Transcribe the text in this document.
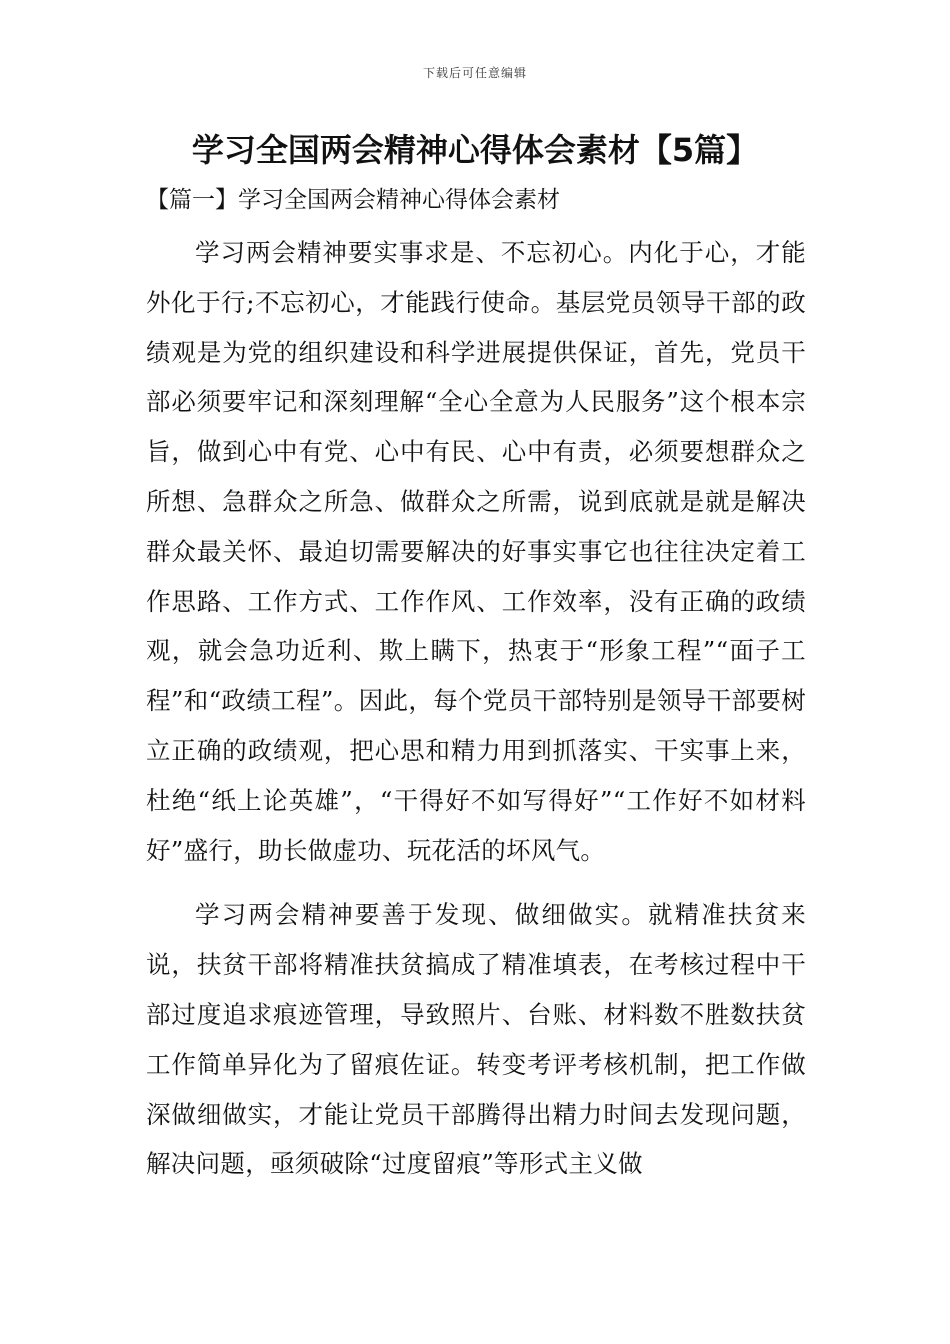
下载后可任意编辑
学习全国两会精神心得体会素材【5篇】
【篇一】学习全国两会精神心得体会素材

学习两会精神要实事求是、不忘初心。内化于心，才能外化于行;不忘初心，才能践行使命。基层党员领导干部的政绩观是为党的组织建设和科学进展提供保证，首先，党员干部必须要牢记和深刻理解“全心全意为人民服务”这个根本宗旨，做到心中有党、心中有民、心中有责，必须要想群众之所想、急群众之所急、做群众之所需，说到底就是就是解决群众最关怀、最迫切需要解决的好事实事它也往往决定着工作思路、工作方式、工作作风、工作效率，没有正确的政绩观，就会急功近利、欺上瞒下，热衷于“形象工程”“面子工程”和“政绩工程”。因此，每个党员干部特别是领导干部要树立正确的政绩观，把心思和精力用到抓落实、干实事上来，杜绝“纸上论英雄”，“干得好不如写得好”“工作好不如材料好”盛行，助长做虚功、玩花活的坏风气。

学习两会精神要善于发现、做细做实。就精准扶贫来说，扶贫干部将精准扶贫搞成了精准填表，在考核过程中干部过度追求痕迹管理，导致照片、台账、材料数不胜数扶贫工作简单异化为了留痕佐证。转变考评考核机制，把工作做深做细做实，才能让党员干部腾得出精力时间去发现问题，解决问题，亟须破除“过度留痕”等形式主义做
